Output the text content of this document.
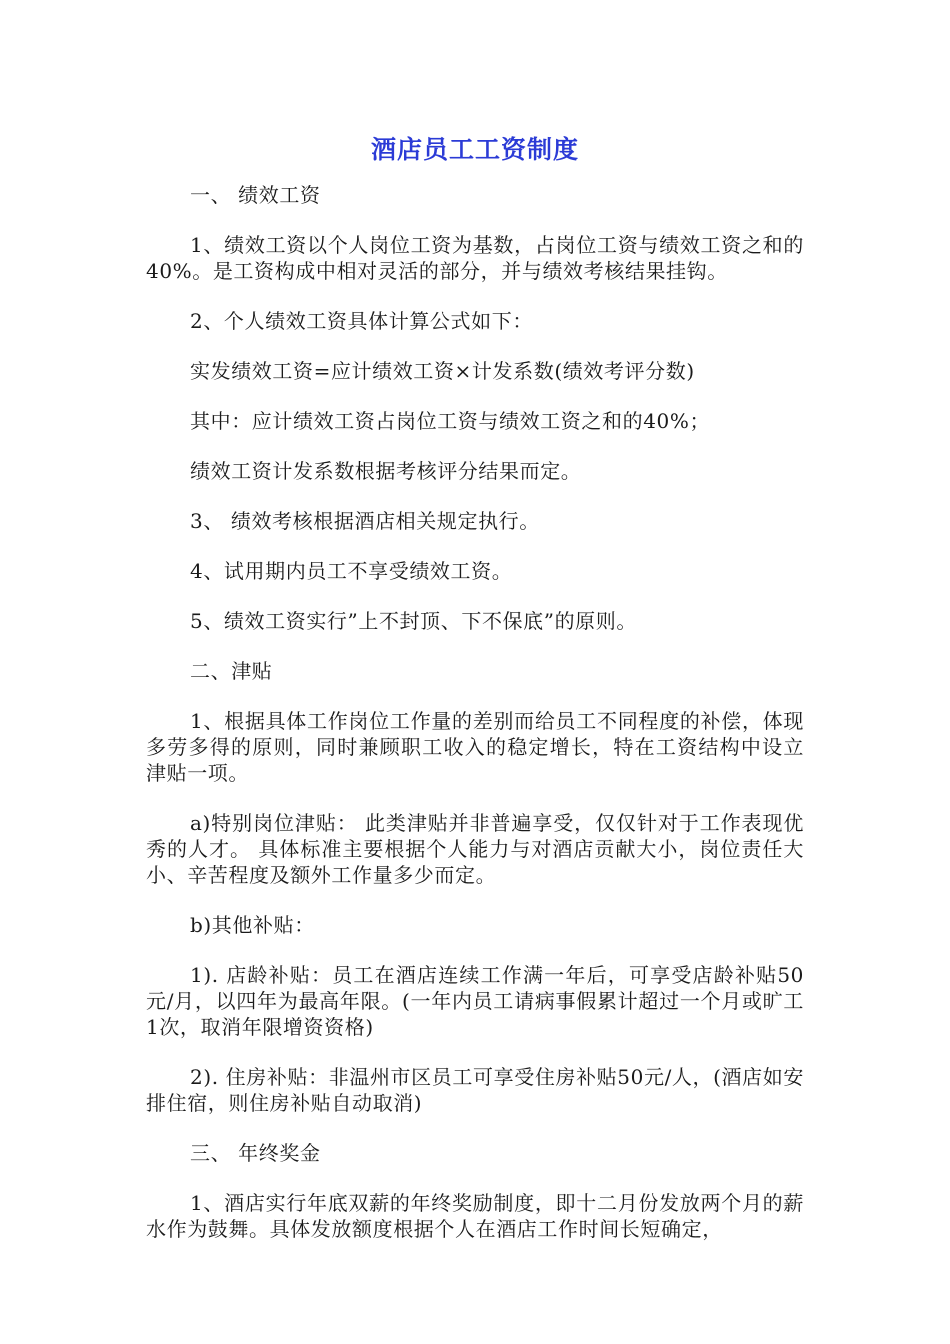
酒店员工工资制度
一、 绩效工资
1、绩效工资以个人岗位工资为基数，占岗位工资与绩效工资之和的40%。是工资构成中相对灵活的部分，并与绩效考核结果挂钩。
2、个人绩效工资具体计算公式如下：
实发绩效工资=应计绩效工资×计发系数(绩效考评分数)
其中：应计绩效工资占岗位工资与绩效工资之和的40%；
绩效工资计发系数根据考核评分结果而定。
3、 绩效考核根据酒店相关规定执行。
4、试用期内员工不享受绩效工资。
5、绩效工资实行”上不封顶、下不保底”的原则。
二、津贴
1、根据具体工作岗位工作量的差别而给员工不同程度的补偿，体现多劳多得的原则，同时兼顾职工收入的稳定增长，特在工资结构中设立津贴一项。
a)特别岗位津贴： 此类津贴并非普遍享受，仅仅针对于工作表现优秀的人才。 具体标准主要根据个人能力与对酒店贡献大小，岗位责任大小、辛苦程度及额外工作量多少而定。
b)其他补贴：
1). 店龄补贴：员工在酒店连续工作满一年后，可享受店龄补贴50元/月，以四年为最高年限。(一年内员工请病事假累计超过一个月或旷工1次，取消年限增资资格)
2). 住房补贴：非温州市区员工可享受住房补贴50元/人，(酒店如安排住宿，则住房补贴自动取消)
三、 年终奖金
1、酒店实行年底双薪的年终奖励制度，即十二月份发放两个月的薪水作为鼓舞。具体发放额度根据个人在酒店工作时间长短确定，
